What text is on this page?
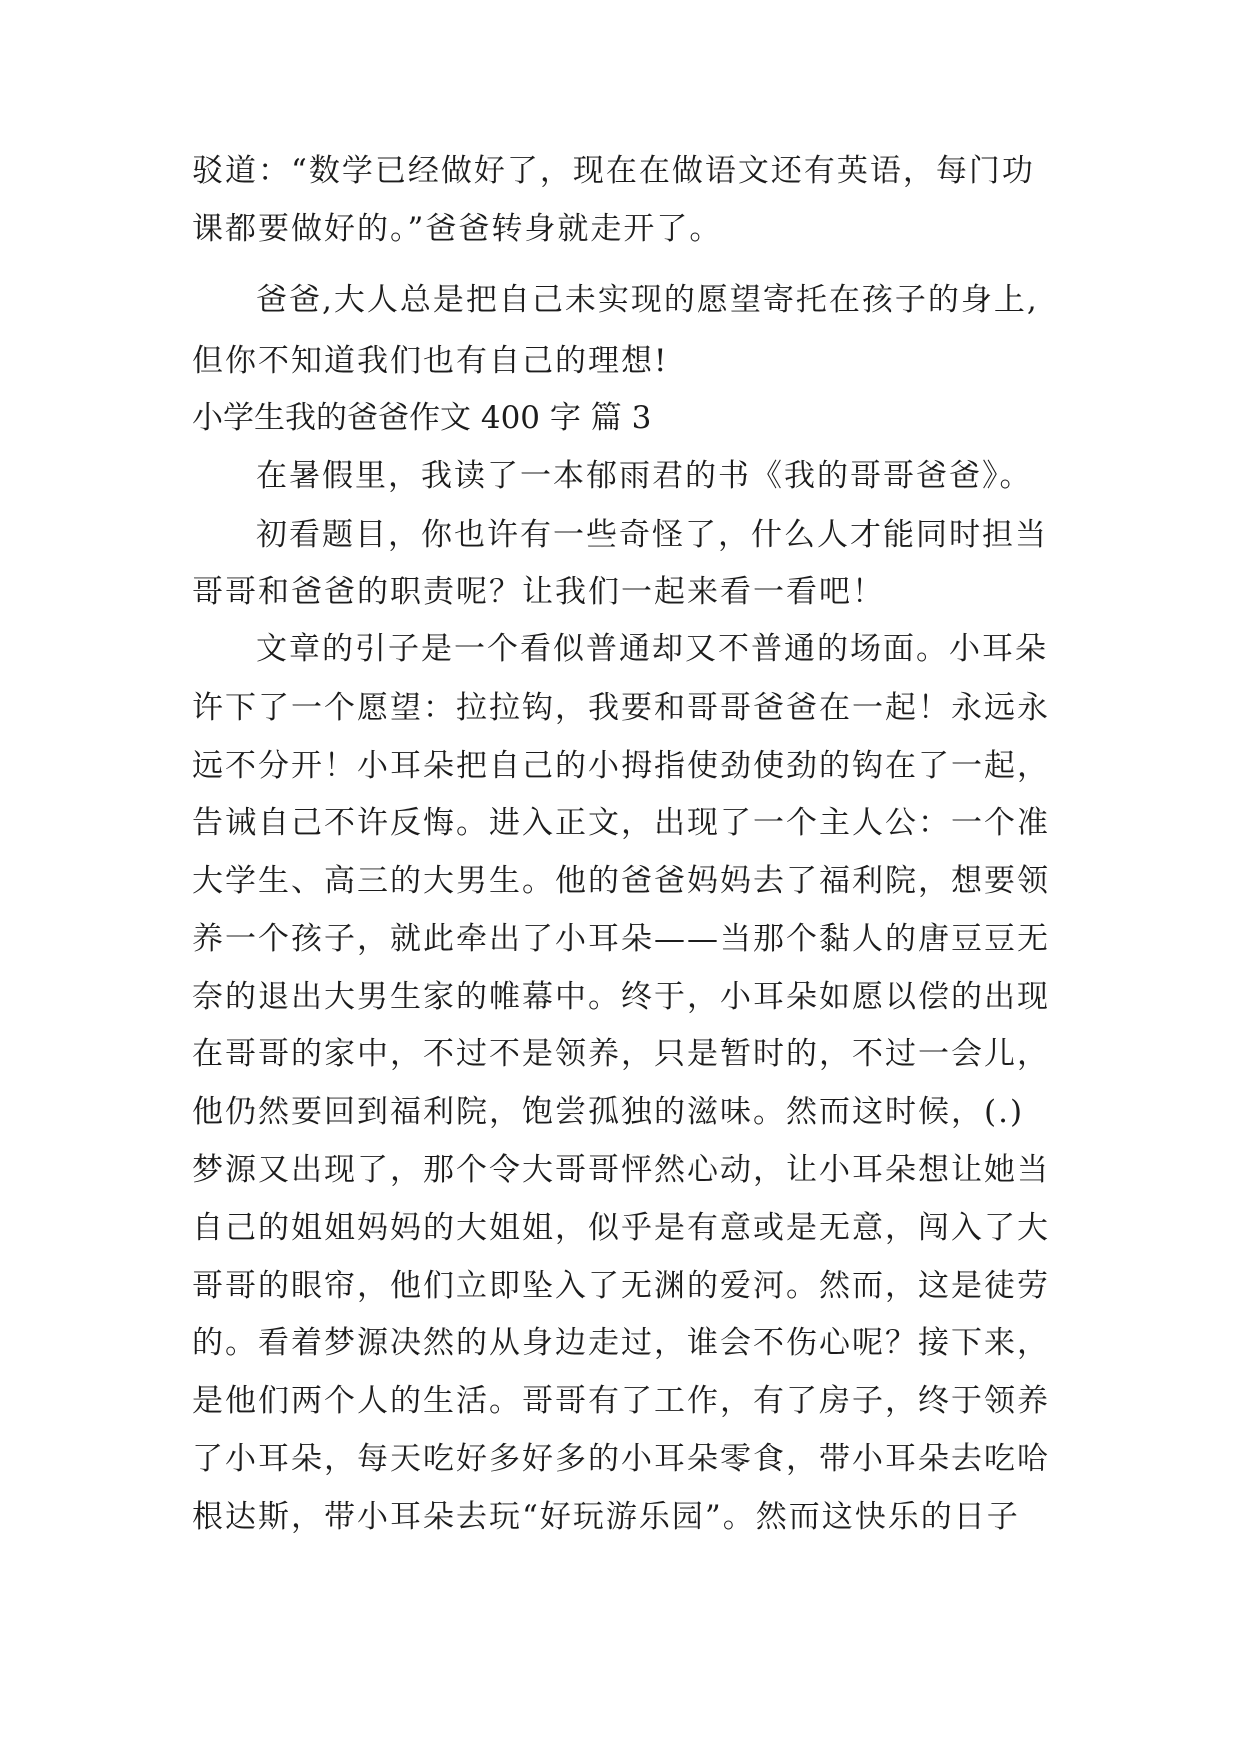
驳道：“数学已经做好了，现在在做语文还有英语，每门功
课都要做好的。”爸爸转身就走开了。
爸爸,大人总是把自己未实现的愿望寄托在孩子的身上,
但你不知道我们也有自己的理想!
小学生我的爸爸作文 400 字 篇 3
在暑假里，我读了一本郁雨君的书《我的哥哥爸爸》。
初看题目，你也许有一些奇怪了，什么人才能同时担当
哥哥和爸爸的职责呢？让我们一起来看一看吧！
文章的引子是一个看似普通却又不普通的场面。小耳朵
许下了一个愿望：拉拉钩，我要和哥哥爸爸在一起！永远永
远不分开！小耳朵把自己的小拇指使劲使劲的钩在了一起，
告诫自己不许反悔。进入正文，出现了一个主人公：一个准
大学生、高三的大男生。他的爸爸妈妈去了福利院，想要领
养一个孩子，就此牵出了小耳朵——当那个黏人的唐豆豆无
奈的退出大男生家的帷幕中。终于，小耳朵如愿以偿的出现
在哥哥的家中，不过不是领养，只是暂时的，不过一会儿，
他仍然要回到福利院，饱尝孤独的滋味。然而这时候，(.)
梦源又出现了，那个令大哥哥怦然心动，让小耳朵想让她当
自己的姐姐妈妈的大姐姐，似乎是有意或是无意，闯入了大
哥哥的眼帘，他们立即坠入了无渊的爱河。然而，这是徒劳
的。看着梦源决然的从身边走过，谁会不伤心呢？接下来，
是他们两个人的生活。哥哥有了工作，有了房子，终于领养
了小耳朵，每天吃好多好多的小耳朵零食，带小耳朵去吃哈
根达斯，带小耳朵去玩“好玩游乐园”。然而这快乐的日子
